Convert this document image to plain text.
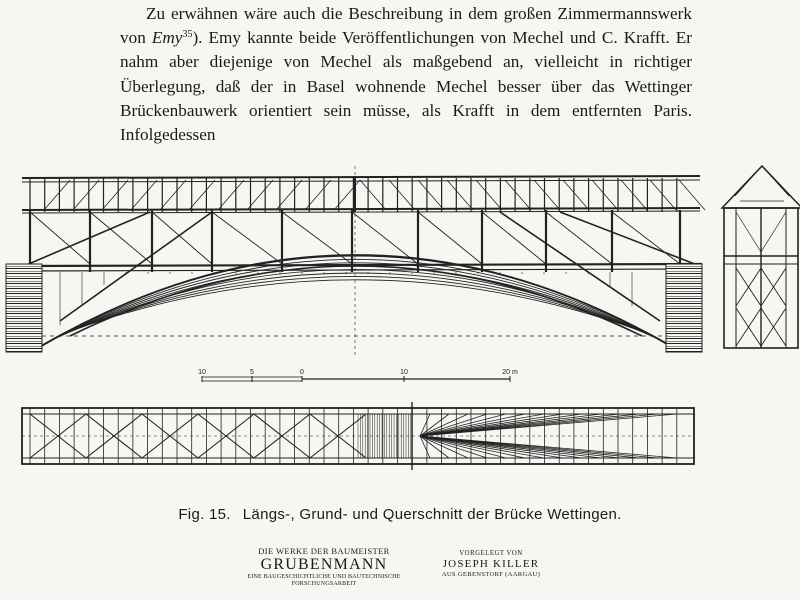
Zu erwähnen wäre auch die Beschreibung in dem großen Zimmermannswerk von Emy$^{35}$). Emy kannte beide Veröffentlichungen von Mechel und C. Krafft. Er nahm aber diejenige von Mechel als maßgebend an, vielleicht in richtiger Überlegung, daß der in Basel wohnende Mechel besser über das Wettinger Brückenbauwerk orientiert sein müsse, als Krafft in dem entfernten Paris. Infolgedessen

10	5	0	10	20 m
Fig. 15. Längs-, Grund- und Querschnitt der Brücke Wettingen.
DIE WERKE DER BAUMEISTER
GRUBENMANN
EINE BAUGESCHICHTLICHE UND BAUTECHNISCHE
FORSCHUNGSARBEIT
VORGELEGT VON
JOSEPH KILLER
AUS GEBENSTORF (AARGAU)
